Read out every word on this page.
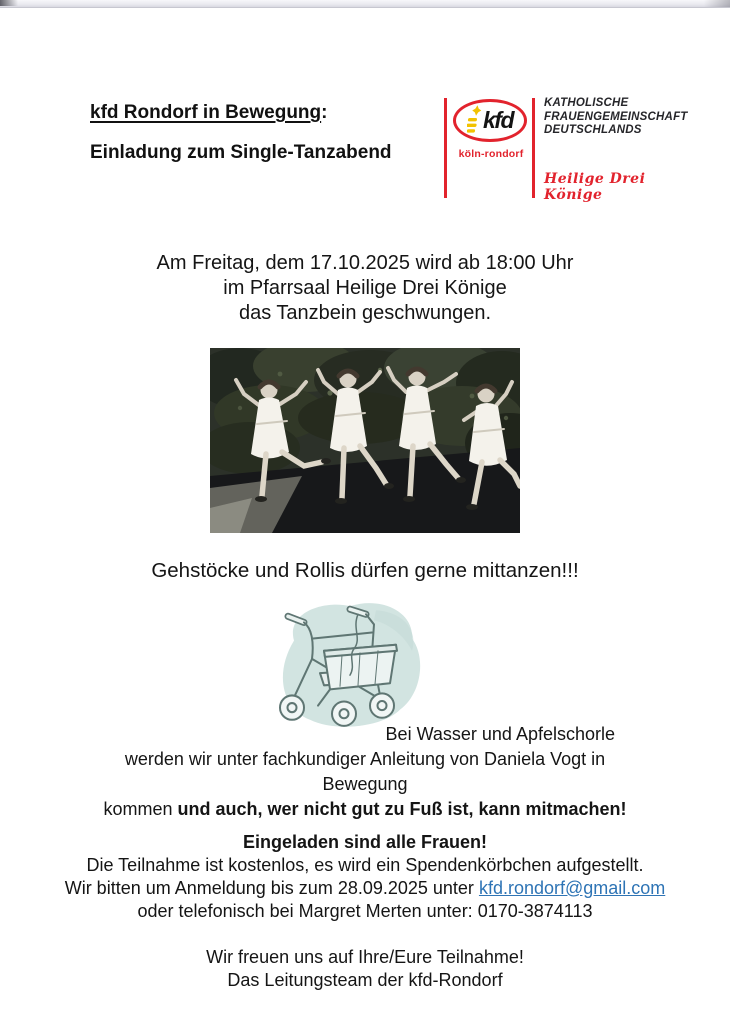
kfd Rondorf in Bewegung:
Einladung zum Single-Tanzabend
kfd
köln-rondorf
KATHOLISCHE
FRAUENGEMEINSCHAFT
DEUTSCHLANDS
Heilige Drei Könige
Am Freitag, dem 17.10.2025 wird ab 18:00 Uhr
im Pfarrsaal Heilige Drei Könige
das Tanzbein geschwungen.
Gehstöcke und Rollis dürfen gerne mittanzen!!!
Bei Wasser und Apfelschorle
werden wir unter fachkundiger Anleitung von Daniela Vogt in Bewegung
kommen und auch, wer nicht gut zu Fuß ist, kann mitmachen!
Eingeladen sind alle Frauen!
Die Teilnahme ist kostenlos, es wird ein Spendenkörbchen aufgestellt.
Wir bitten um Anmeldung bis zum 28.09.2025 unter kfd.rondorf@gmail.com
oder telefonisch bei Margret Merten unter: 0170-3874113
Wir freuen uns auf Ihre/Eure Teilnahme!
Das Leitungsteam der kfd-Rondorf
